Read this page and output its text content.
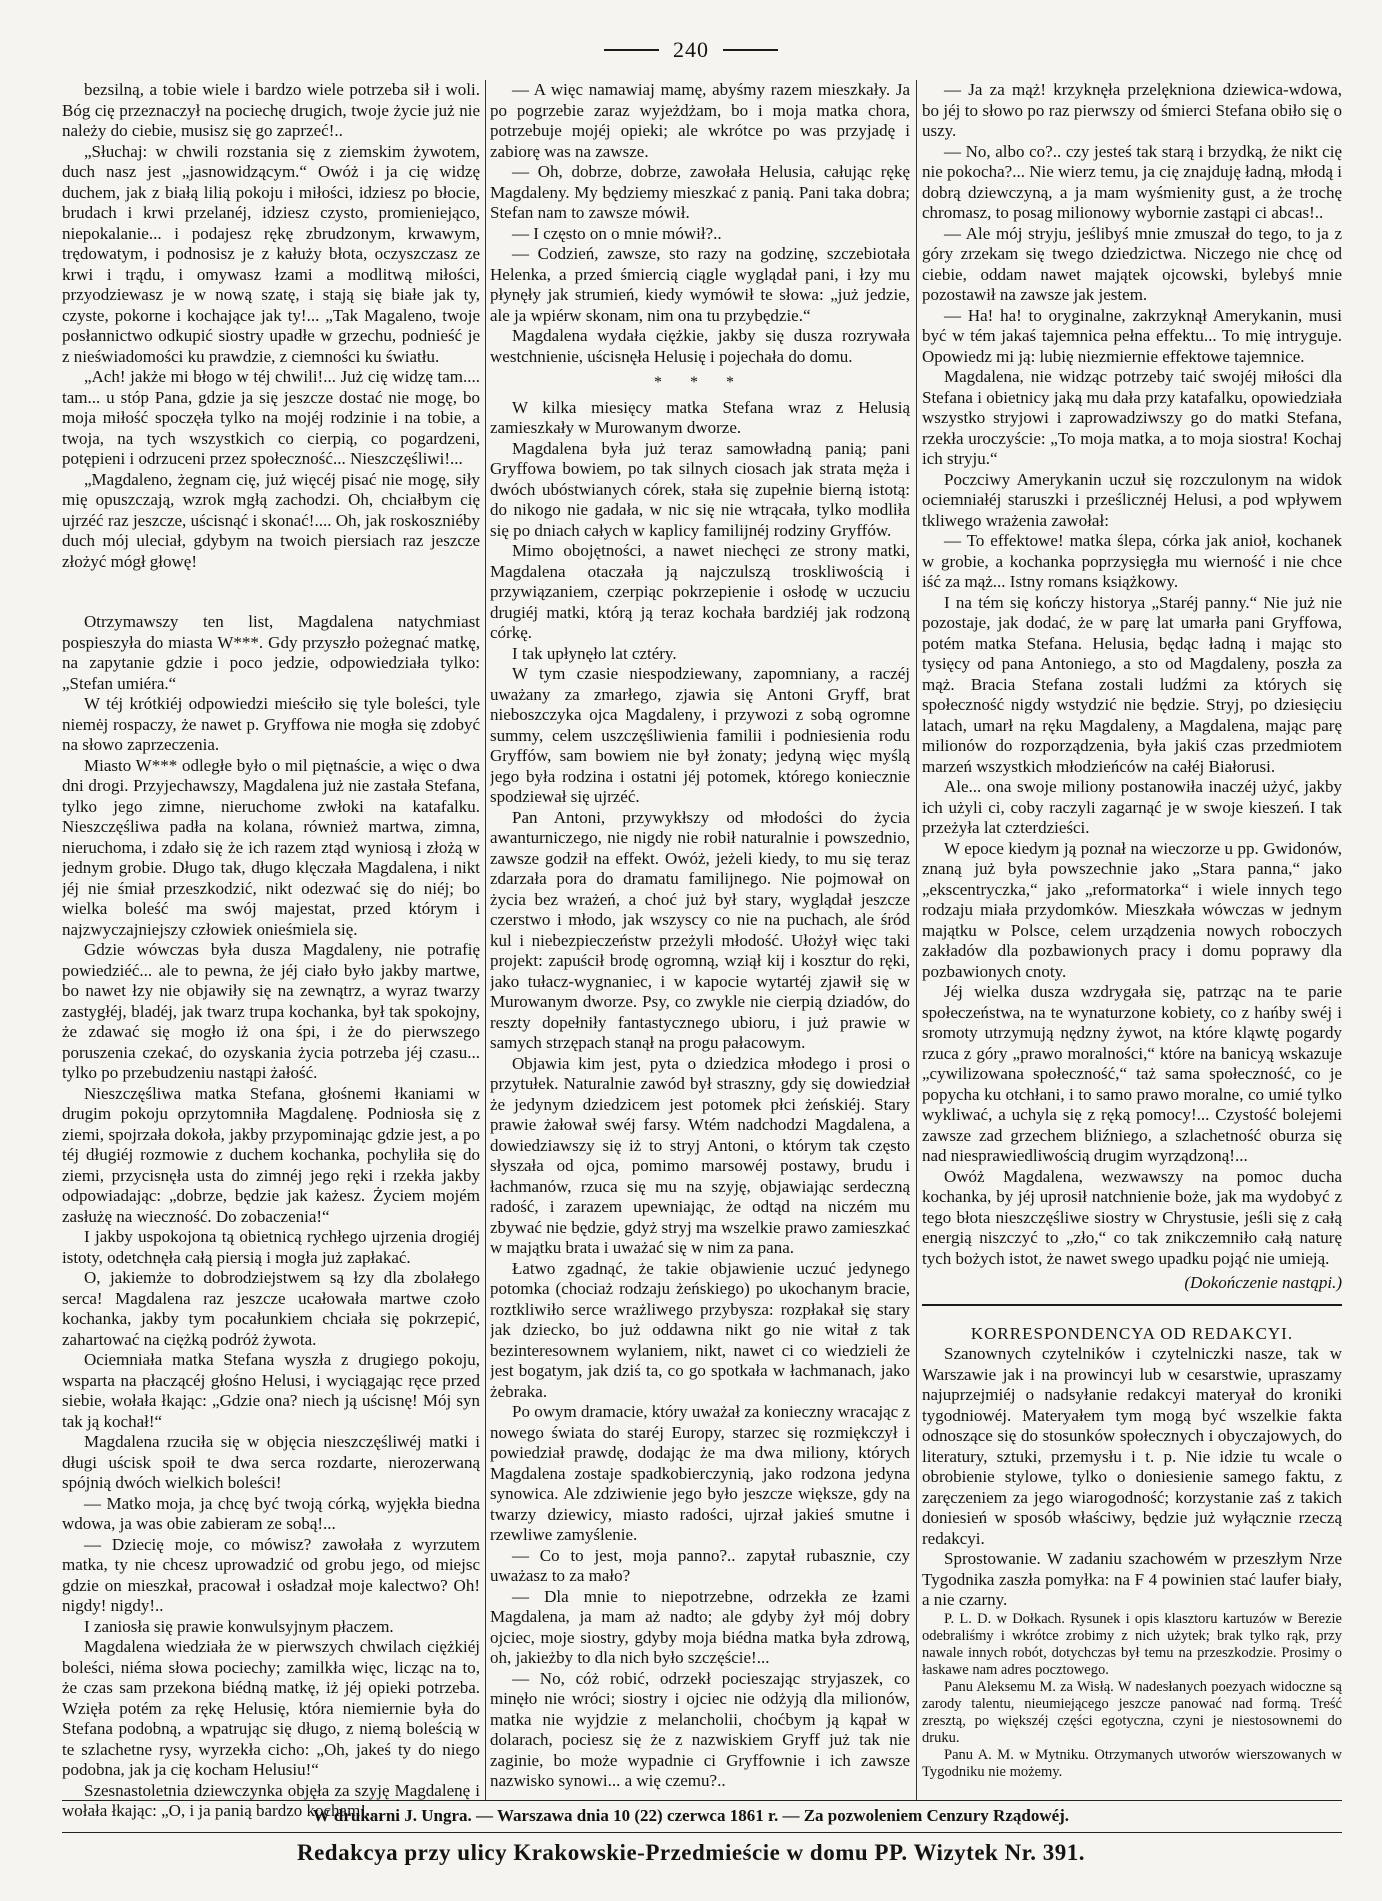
240

bezsilną, a tobie wiele i bardzo wiele potrzeba sił i woli. Bóg cię przeznaczył na pociechę drugich, twoje życie już nie należy do ciebie, musisz się go zaprzeć!..

„Słuchaj: w chwili rozstania się z ziemskim żywotem, duch nasz jest „jasnowidzącym.“ Owóż i ja cię widzę duchem, jak z białą lilią pokoju i miłości, idziesz po błocie, brudach i krwi przelanéj, idziesz czysto, promieniejąco, niepokalanie... i podajesz rękę zbrudzonym, krwawym, trędowatym, i podnosisz je z kałuży błota, oczyszczasz ze krwi i trądu, i omywasz łzami a modlitwą miłości, przyodziewasz je w nową szatę, i stają się białe jak ty, czyste, pokorne i kochające jak ty!... „Tak Magaleno, twoje posłannictwo odkupić siostry upadłe w grzechu, podnieść je z nieświadomości ku prawdzie, z ciemności ku światłu.

„Ach! jakże mi błogo w téj chwili!... Już cię widzę tam.... tam... u stóp Pana, gdzie ja się jeszcze dostać nie mogę, bo moja miłość spoczęła tylko na mojéj rodzinie i na tobie, a twoja, na tych wszystkich co cierpią, co pogardzeni, potępieni i odrzuceni przez społeczność... Nieszczęśliwi!...

„Magdaleno, żegnam cię, już więcéj pisać nie mogę, siły mię opuszczają, wzrok mgłą zachodzi. Oh, chciałbym cię ujrzéć raz jeszcze, uścisnąć i skonać!.... Oh, jak roskoszniéby duch mój uleciał, gdybym na twoich piersiach raz jeszcze złożyć mógł głowę!

Otrzymawszy ten list, Magdalena natychmiast pospieszyła do miasta W***. Gdy przyszło pożegnać matkę, na zapytanie gdzie i poco jedzie, odpowiedziała tylko: „Stefan umiéra.“

W téj krótkiéj odpowiedzi mieściło się tyle boleści, tyle niemėj rospaczy, że nawet p. Gryffowa nie mogła się zdobyć na słowo zaprzeczenia.

Miasto W*** odległe było o mil piętnaście, a więc o dwa dni drogi. Przyjechawszy, Magdalena już nie zastała Stefana, tylko jego zimne, nieruchome zwłoki na katafalku. Nieszczęśliwa padła na kolana, również martwa, zimna, nieruchoma, i zdało się że ich razem ztąd wyniosą i złożą w jednym grobie. Długo tak, długo klęczała Magdalena, i nikt jéj nie śmiał przeszkodzić, nikt odezwać się do niéj; bo wielka boleść ma swój majestat, przed którym i najzwyczajniejszy człowiek onieśmiela się.

Gdzie wówczas była dusza Magdaleny, nie potrafię powiedziéć... ale to pewna, że jéj ciało było jakby martwe, bo nawet łzy nie objawiły się na zewnątrz, a wyraz twarzy zastygłéj, bladéj, jak twarz trupa kochanka, był tak spokojny, że zdawać się mogło iż ona śpi, i że do pierwszego poruszenia czekać, do ozyskania życia potrzeba jéj czasu... tylko po przebudzeniu nastąpi żałość.

Nieszczęśliwa matka Stefana, głośnemi łkaniami w drugim pokoju oprzytomniła Magdalenę. Podniosła się z ziemi, spojrzała dokoła, jakby przypominając gdzie jest, a po téj długiéj rozmowie z duchem kochanka, pochyliła się do ziemi, przycisnęła usta do zimnéj jego ręki i rzekła jakby odpowiadając: „dobrze, będzie jak każesz. Życiem mojém zasłużę na wieczność. Do zobaczenia!“

I jakby uspokojona tą obietnicą rychłego ujrzenia drogiéj istoty, odetchnęła całą piersią i mogła już zapłakać.

O, jakiemże to dobrodziejstwem są łzy dla zbolałego serca! Magdalena raz jeszcze ucałowała martwe czoło kochanka, jakby tym pocałunkiem chciała się pokrzepić, zahartować na ciężką podróż żywota.

Ociemniała matka Stefana wyszła z drugiego pokoju, wsparta na płaczącéj głośno Helusi, i wyciągając ręce przed siebie, wołała łkając: „Gdzie ona? niech ją uścisnę! Mój syn tak ją kochał!“

Magdalena rzuciła się w objęcia nieszczęśliwéj matki i długi uścisk spoił te dwa serca rozdarte, nierozerwaną spójnią dwóch wielkich boleści!

— Matko moja, ja chcę być twoją córką, wyjękła biedna wdowa, ja was obie zabieram ze sobą!...

— Dziecię moje, co mówisz? zawołała z wyrzutem matka, ty nie chcesz uprowadzić od grobu jego, od miejsc gdzie on mieszkał, pracował i osładzał moje kalectwo? Oh! nigdy! nigdy!..

I zaniosła się prawie konwulsyjnym płaczem.

Magdalena wiedziała że w pierwszych chwilach ciężkiéj boleści, niéma słowa pociechy; zamilkła więc, licząc na to, że czas sam przekona biédną matkę, iż jéj opieki potrzeba. Wzięła potém za rękę Helusię, która niemiernie była do Stefana podobną, a wpatrując się długo, z niemą boleścią w te szlachetne rysy, wyrzekła cicho: „Oh, jakeś ty do niego podobna, jak ja cię kocham Helusiu!“

Szesnastoletnia dziewczynka objęła za szyję Magdalenę i wołała łkając: „O, i ja panią bardzo kocham!..

— A więc namawiaj mamę, abyśmy razem mieszkały. Ja po pogrzebie zaraz wyjeżdżam, bo i moja matka chora, potrzebuje mojéj opieki; ale wkrótce po was przyjadę i zabiorę was na zawsze.

— Oh, dobrze, dobrze, zawołała Helusia, całując rękę Magdaleny. My będziemy mieszkać z panią. Pani taka dobra; Stefan nam to zawsze mówił.

— I często on o mnie mówił?..

— Codzień, zawsze, sto razy na godzinę, szczebiotała Helenka, a przed śmiercią ciągle wyglądał pani, i łzy mu płynęły jak strumień, kiedy wymówił te słowa: „już jedzie, ale ja wpiérw skonam, nim ona tu przybędzie.“

Magdalena wydała ciężkie, jakby się dusza rozrywała westchnienie, uścisnęła Helusię i pojechała do domu.

* * *

W kilka miesięcy matka Stefana wraz z Helusią zamieszkały w Murowanym dworze.

Magdalena była już teraz samowładną panią; pani Gryffowa bowiem, po tak silnych ciosach jak strata męża i dwóch ubóstwianych córek, stała się zupełnie bierną istotą: do nikogo nie gadała, w nic się nie wtrącała, tylko modliła się po dniach całych w kaplicy familijnéj rodziny Gryffów.

Mimo obojętności, a nawet niechęci ze strony matki, Magdalena otaczała ją najczulszą troskliwością i przywiązaniem, czerpiąc pokrzepienie i osłodę w uczuciu drugiéj matki, którą ją teraz kochała bardziéj jak rodzoną córkę.

I tak upłynęło lat cztéry.

W tym czasie niespodziewany, zapomniany, a raczéj uważany za zmarłego, zjawia się Antoni Gryff, brat nieboszczyka ojca Magdaleny, i przywozi z sobą ogromne summy, celem uszczęśliwienia familii i podniesienia rodu Gryffów, sam bowiem nie był żonaty; jedyną więc myślą jego była rodzina i ostatni jéj potomek, którego koniecznie spodziewał się ujrzéć.

Pan Antoni, przywykłszy od młodości do życia awanturniczego, nie nigdy nie robił naturalnie i powszednio, zawsze godził na effekt. Owóż, jeżeli kiedy, to mu się teraz zdarzała pora do dramatu familijnego. Nie pojmował on życia bez wrażeń, a choć już był stary, wyglądał jeszcze czerstwo i młodo, jak wszyscy co nie na puchach, ale śród kul i niebezpieczeństw przeżyli młodość. Ułożył więc taki projekt: zapuścił brodę ogromną, wziął kij i kosztur do ręki, jako tułacz-wygnaniec, i w kapocie wytartéj zjawił się w Murowanym dworze. Psy, co zwykle nie cierpią dziadów, do reszty dopełniły fantastycznego ubioru, i już prawie w samych strzępach stanął na progu pałacowym.

Objawia kim jest, pyta o dziedzica młodego i prosi o przytułek. Naturalnie zawód był straszny, gdy się dowiedział że jedynym dziedzicem jest potomek płci żeńskiéj. Stary prawie żałował swéj farsy. Wtém nadchodzi Magdalena, a dowiedziawszy się iż to stryj Antoni, o którym tak często słyszała od ojca, pomimo marsowéj postawy, brudu i łachmanów, rzuca się mu na szyję, objawiając serdeczną radość, i zarazem upewniając, że odtąd na niczém mu zbywać nie będzie, gdyż stryj ma wszelkie prawo zamieszkać w majątku brata i uważać się w nim za pana.

Łatwo zgadnąć, że takie objawienie uczuć jedynego potomka (chociaż rodzaju żeńskiego) po ukochanym bracie, roztkliwiło serce wrażliwego przybysza: rozpłakał się stary jak dziecko, bo już oddawna nikt go nie witał z tak bezinteresownem wylaniem, nikt, nawet ci co wiedzieli że jest bogatym, jak dziś ta, co go spotkała w łachmanach, jako żebraka.

Po owym dramacie, który uważał za konieczny wracając z nowego świata do staréj Europy, starzec się rozmiękczył i powiedział prawdę, dodając że ma dwa miliony, których Magdalena zostaje spadkobierczynią, jako rodzona jedyna synowica. Ale zdziwienie jego było jeszcze większe, gdy na twarzy dziewicy, miasto radości, ujrzał jakieś smutne i rzewliwe zamyślenie.

— Co to jest, moja panno?.. zapytał rubasznie, czy uważasz to za mało?

— Dla mnie to niepotrzebne, odrzekła ze łzami Magdalena, ja mam aż nadto; ale gdyby żył mój dobry ojciec, moje siostry, gdyby moja biédna matka była zdrową, oh, jakieżby to dla nich było szczęście!...

— No, cóż robić, odrzekł pocieszając stryjaszek, co minęło nie wróci; siostry i ojciec nie odżyją dla milionów, matka nie wyjdzie z melancholii, choćbym ją kąpał w dolarach, pociesz się że z nazwiskiem Gryff już tak nie zaginie, bo może wypadnie ci Gryffownie i ich zawsze nazwisko synowi... a wię czemu?..

— Ja za mąż! krzyknęła przelękniona dziewica-wdowa, bo jéj to słowo po raz pierwszy od śmierci Stefana obiło się o uszy.

— No, albo co?.. czy jesteś tak starą i brzydką, że nikt cię nie pokocha?... Nie wierz temu, ja cię znajduję ładną, młodą i dobrą dziewczyną, a ja mam wyśmienity gust, a że trochę chromasz, to posag milionowy wybornie zastąpi ci abcas!..

— Ale mój stryju, jeślibyś mnie zmuszał do tego, to ja z góry zrzekam się twego dziedzictwa. Niczego nie chcę od ciebie, oddam nawet majątek ojcowski, bylebyś mnie pozostawił na zawsze jak jestem.

— Ha! ha! to oryginalne, zakrzyknął Amerykanin, musi być w tém jakaś tajemnica pełna effektu... To mię intryguje. Opowiedz mi ją: lubię niezmiernie effektowe tajemnice.

Magdalena, nie widząc potrzeby taić swojéj miłości dla Stefana i obietnicy jaką mu dała przy katafalku, opowiedziała wszystko stryjowi i zaprowadziwszy go do matki Stefana, rzekła uroczyście: „To moja matka, a to moja siostra! Kochaj ich stryju.“

Poczciwy Amerykanin uczuł się rozczulonym na widok ociemniałéj staruszki i prześlicznéj Helusi, a pod wpływem tkliwego wrażenia zawołał:

— To effektowe! matka ślepa, córka jak anioł, kochanek w grobie, a kochanka poprzysięgła mu wierność i nie chce iść za mąż... Istny romans książkowy.

I na tém się kończy historya „Staréj panny.“ Nie już nie pozostaje, jak dodać, że w parę lat umarła pani Gryffowa, potém matka Stefana. Helusia, będąc ładną i mając sto tysięcy od pana Antoniego, a sto od Magdaleny, poszła za mąż. Bracia Stefana zostali ludźmi za których się społeczność nigdy wstydzić nie będzie. Stryj, po dziesięciu latach, umarł na ręku Magdaleny, a Magdalena, mając parę milionów do rozporządzenia, była jakiś czas przedmiotem marzeń wszystkich młodzieńców na całéj Białorusi.

Ale... ona swoje miliony postanowiła inaczéj użyć, jakby ich użyli ci, coby raczyli zagarnąć je w swoje kieszeń. I tak przeżyła lat czterdzieści.

W epoce kiedym ją poznał na wieczorze u pp. Gwidonów, znaną już była powszechnie jako „Stara panna,“ jako „ekscentryczka,“ jako „reformatorka“ i wiele innych tego rodzaju miała przydomków. Mieszkała wówczas w jednym majątku w Polsce, celem urządzenia nowych roboczych zakładów dla pozbawionych pracy i domu poprawy dla pozbawionych cnoty.

Jéj wielka dusza wzdrygała się, patrząc na te parie społeczeństwa, na te wynaturzone kobiety, co z hańby swéj i sromoty utrzymują nędzny żywot, na które kląwtę pogardy rzuca z góry „prawo moralności,“ które na banicyą wskazuje „cywilizowana społeczność,“ taż sama społeczność, co je popycha ku otchłani, i to samo prawo moralne, co umié tylko wykliwać, a uchyla się z ręką pomocy!... Czystość bolejemi zawsze zad grzechem bliźniego, a szlachetność oburza się nad niesprawiedliwością drugim wyrządzoną!...

Owóż Magdalena, wezwawszy na pomoc ducha kochanka, by jéj uprosił natchnienie boże, jak ma wydobyć z tego błota nieszczęśliwe siostry w Chrystusie, jeśli się z całą energią niszczyć to „zło,“ co tak znikczemniło całą naturę tych bożych istot, że nawet swego upadku pojąć nie umieją.

(Dokończenie nastąpi.)

KORRESPONDENCYA OD REDAKCYI.

Szanownych czytelników i czytelniczki nasze, tak w Warszawie jak i na prowincyi lub w cesarstwie, upraszamy najuprzejmiéj o nadsyłanie redakcyi materyał do kroniki tygodniowéj. Materyałem tym mogą być wszelkie fakta odnoszące się do stosunków społecznych i obyczajowych, do literatury, sztuki, przemysłu i t. p. Nie idzie tu wcale o obrobienie stylowe, tylko o doniesienie samego faktu, z zaręczeniem za jego wiarogodność; korzystanie zaś z takich doniesień w sposób właściwy, będzie już wyłącznie rzeczą redakcyi.

Sprostowanie. W zadaniu szachowém w przeszłym Nrze Tygodnika zaszła pomyłka: na F 4 powinien stać laufer biały, a nie czarny.

P. L. D. w Dołkach. Rysunek i opis klasztoru kartuzów w Berezie odebraliśmy i wkrótce zrobimy z nich użytek; brak tylko rąk, przy nawale innych robót, dotychczas był temu na przeszkodzie. Prosimy o łaskawe nam adres pocztowego.

Panu Aleksemu M. za Wisłą. W nadesłanych poezyach widoczne są zarody talentu, nieumiejącego jeszcze panować nad formą. Treść zresztą, po większéj części egotyczna, czyni je niestosownemi do druku.

Panu A. M. w Mytniku. Otrzymanych utworów wierszowanych w Tygodniku nie możemy.

W drukarni J. Ungra. — Warszawa dnia 10 (22) czerwca 1861 r. — Za pozwoleniem Cenzury Rządowéj.
Redakcya przy ulicy Krakowskie-Przedmieście w domu PP. Wizytek Nr. 391.
